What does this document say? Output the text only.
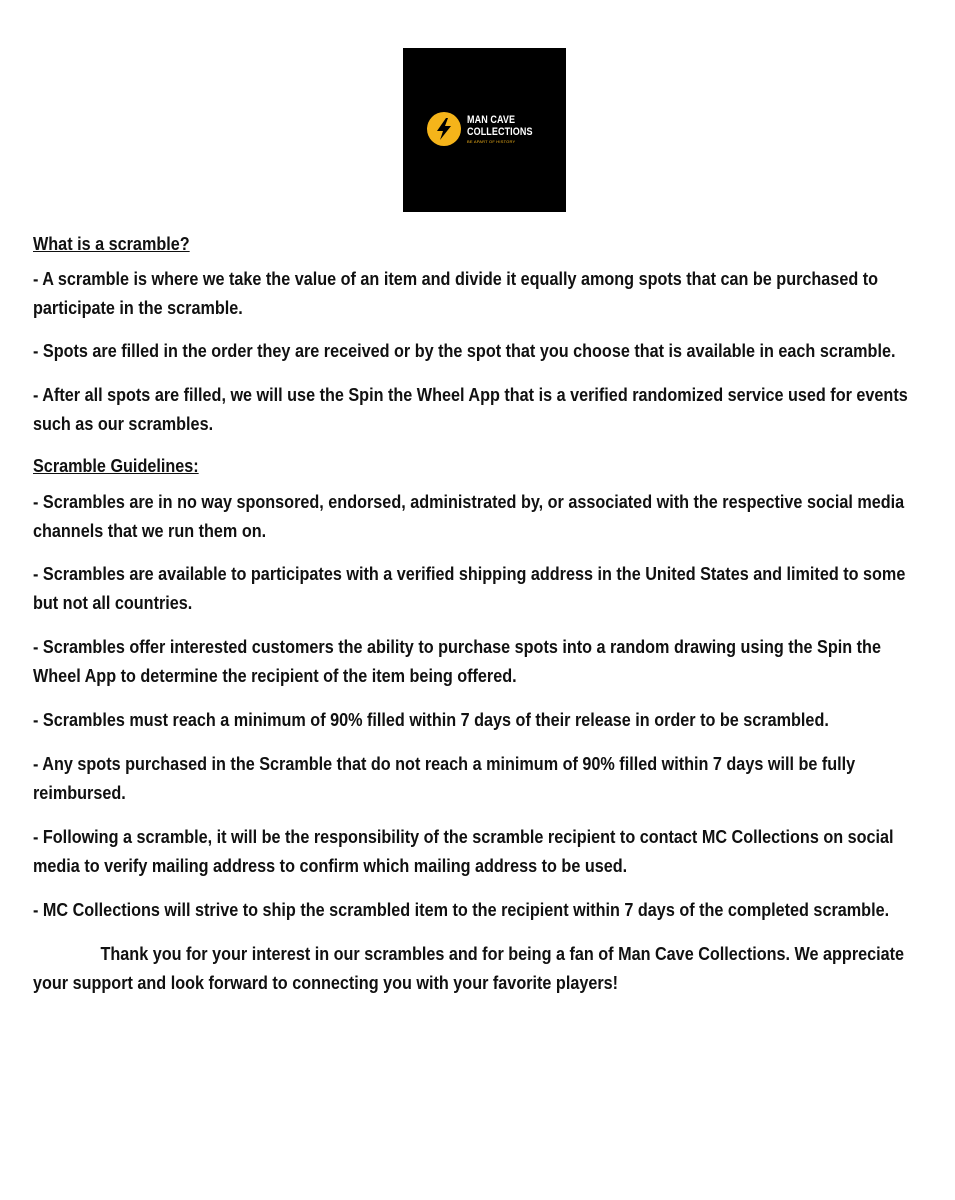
MAN CAVE
COLLECTIONS
BE APART OF HISTORY

What is a scramble?

- A scramble is where we take the value of an item and divide it equally among spots that can be purchased to participate in the scramble.

- Spots are filled in the order they are received or by the spot that you choose that is available in each scramble.

- After all spots are filled, we will use the Spin the Wheel App that is a verified randomized service used for events such as our scrambles.

Scramble Guidelines:

- Scrambles are in no way sponsored, endorsed, administrated by, or associated with the respective social media channels that we run them on.

- Scrambles are available to participates with a verified shipping address in the United States and limited to some but not all countries.

- Scrambles offer interested customers the ability to purchase spots into a random drawing using the Spin the Wheel App to determine the recipient of the item being offered.

- Scrambles must reach a minimum of 90% filled within 7 days of their release in order to be scrambled.

- Any spots purchased in the Scramble that do not reach a minimum of 90% filled within 7 days will be fully reimbursed.

- Following a scramble, it will be the responsibility of the scramble recipient to contact MC Collections on social media to verify mailing address to confirm which mailing address to be used.

- MC Collections will strive to ship the scrambled item to the recipient within 7 days of the completed scramble.

Thank you for your interest in our scrambles and for being a fan of Man Cave Collections. We appreciate your support and look forward to connecting you with your favorite players!
